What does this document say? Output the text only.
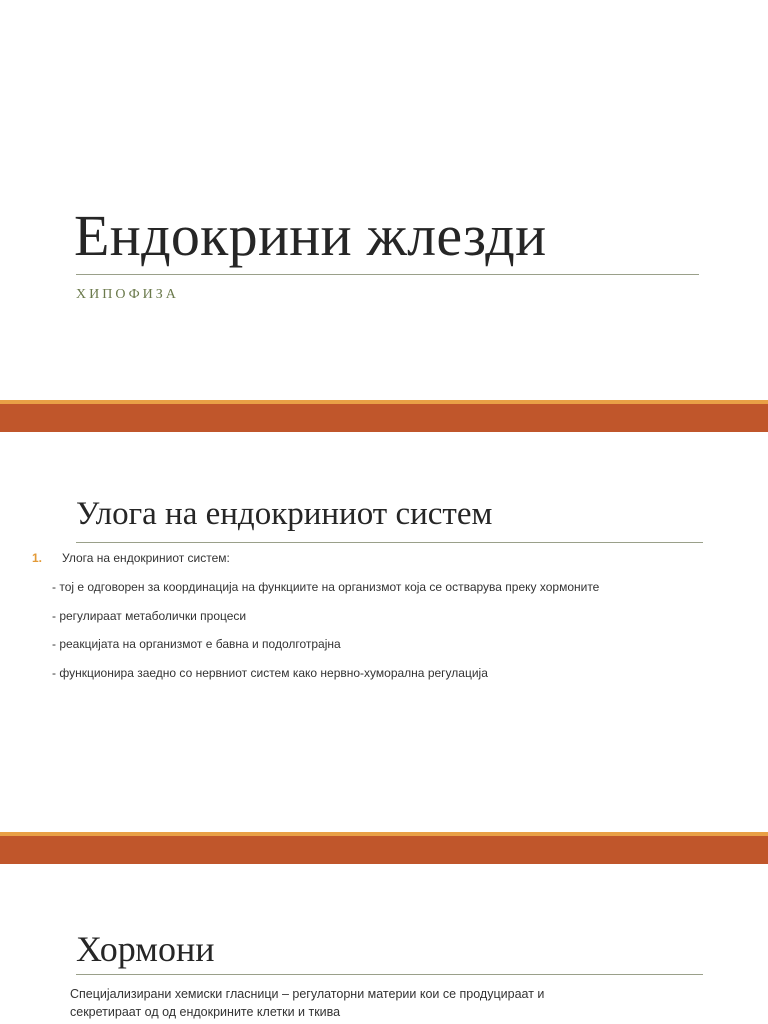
Ендокрини жлезди
ХИПОФИЗА
Улога на ендокриниот систем
1. Улога на ендокриниот систем:
- тој е одговорен за координација на функциите на организмот која се остварува преку хормоните
- регулираат метаболички процеси
- реакцијата на организмот е бавна и подолготрајна
- функционира заедно со нервниот систем како нервно-хуморална регулација
Хормони
Специјализирани хемиски гласници – регулаторни материи кои се продуцираат и
секретираат од од ендокрините клетки и ткива
